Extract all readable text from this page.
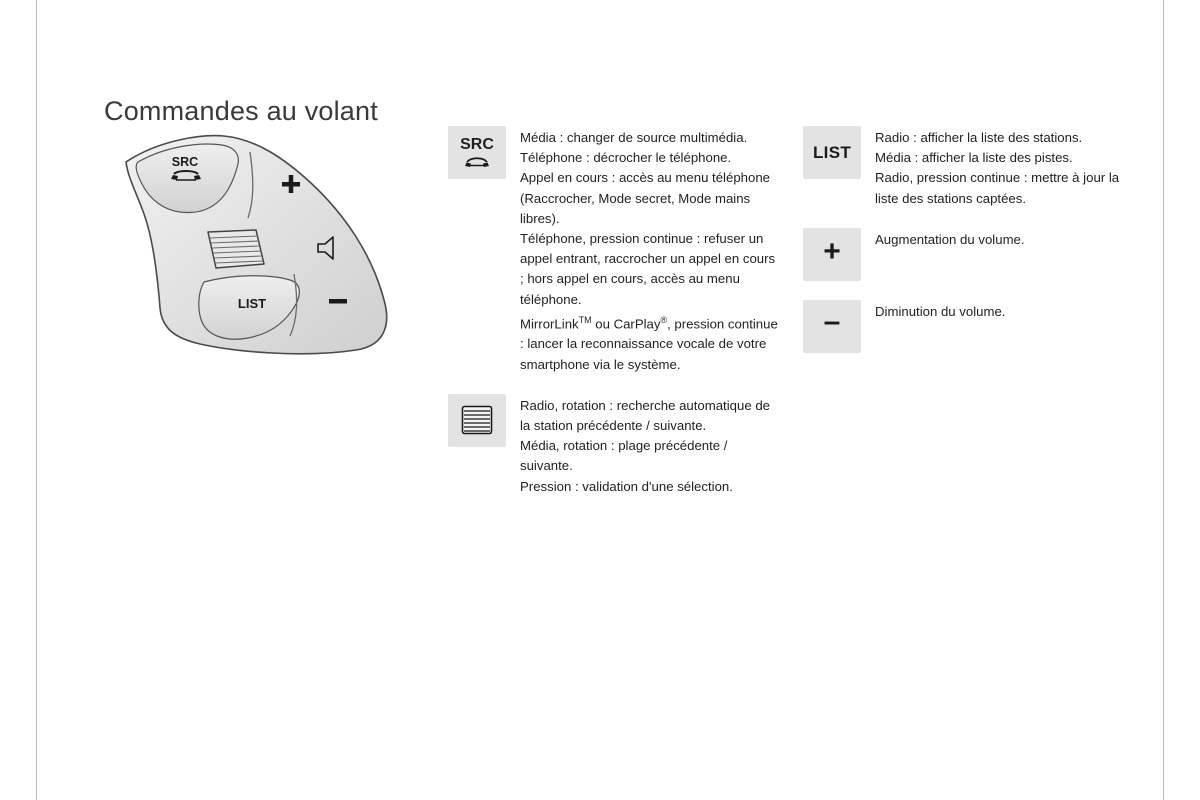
Commandes au volant
SRC
LIST
SRC Média : changer de source multimédia.

Téléphone : décrocher le téléphone.

Appel en cours : accès au menu téléphone (Raccrocher, Mode secret, Mode mains libres).

Téléphone, pression continue : refuser un appel entrant, raccrocher un appel en cours ; hors appel en cours, accès au menu téléphone.

MirrorLink™ ou CarPlay®, pression continue : lancer la reconnaissance vocale de votre smartphone via le système.

Radio, rotation : recherche automatique de la station précédente / suivante.

Média, rotation : plage précédente / suivante.

Pression : validation d'une sélection.

LIST

Radio : afficher la liste des stations.

Média : afficher la liste des pistes.

Radio, pression continue : mettre à jour la liste des stations captées.

+	Augmentation du volume.

–	Diminution du volume.
